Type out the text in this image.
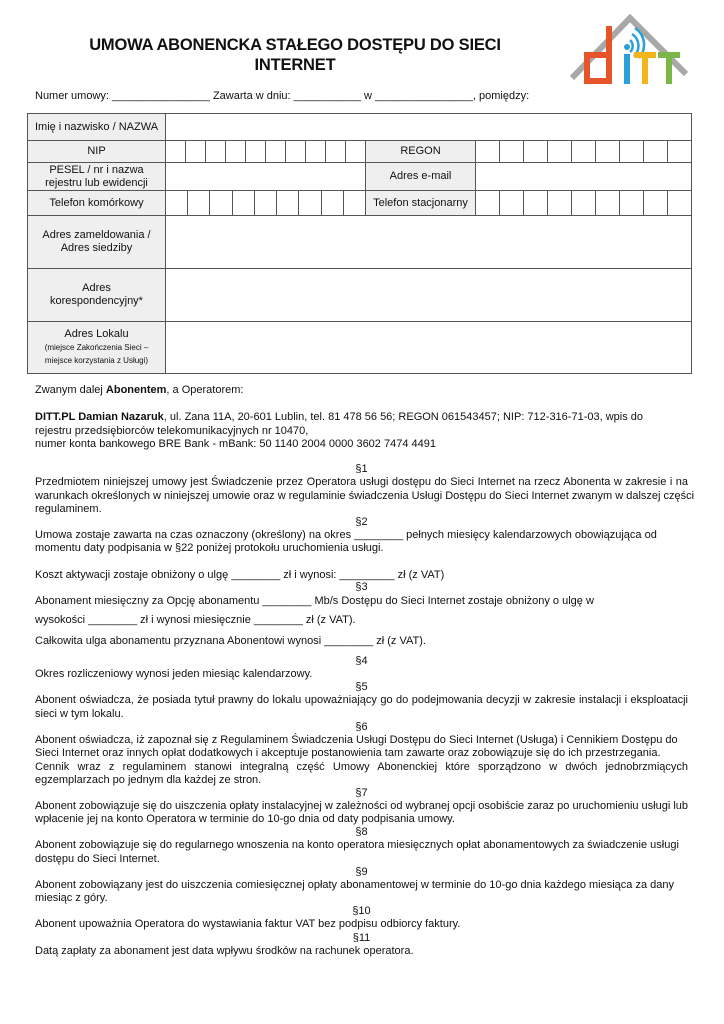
UMOWA ABONENCKA STAŁEGO DOSTĘPU DO SIECI
INTERNET
Numer umowy: ________________ Zawarta w dniu: ___________ w ________________, pomiędzy:
Imię i nazwisko / NAZWA																				
NIP											REGON									
PESEL / nr i nazwa
rejestru lub ewidencji											Adres e-mail									
Telefon komórkowy											Telefon stacjonarny									
Adres zameldowania /
Adres siedziby																				
Adres
korespondencyjny*																				
Adres Lokalu
(miejsce Zakończenia Sieci –
miejsce korzystania z Usługi)																				
Zwanym dalej Abonentem, a Operatorem:
DITT.PL Damian Nazaruk, ul. Zana 11A, 20-601 Lublin, tel. 81 478 56 56; REGON 061543457; NIP: 712-316-71-03, wpis do
rejestru przedsiębiorców telekomunikacyjnych nr 10470,
numer konta bankowego BRE Bank - mBank: 50 1140 2004 0000 3602 7474 4491
§1
Przedmiotem niniejszej umowy jest Świadczenie przez Operatora usługi dostępu do Sieci Internet na rzecz Abonenta w zakresie i na
warunkach określonych w niniejszej umowie oraz w regulaminie świadczenia Usługi Dostępu do Sieci Internet zwanym w dalszej części
regulaminem.
§2
Umowa zostaje zawarta na czas oznaczony (określony) na okres ________ pełnych miesięcy kalendarzowych obowiązująca od
momentu daty podpisania w §22 poniżej protokołu uruchomienia usługi.
Koszt aktywacji zostaje obniżony o ulgę ________ zł i wynosi: _________ zł (z VAT)
§3
Abonament miesięczny za Opcję abonamentu ________ Mb/s Dostępu do Sieci Internet zostaje obniżony o ulgę w
wysokości ________ zł i wynosi miesięcznie ________ zł (z VAT).
Całkowita ulga abonamentu przyznana Abonentowi wynosi ________ zł (z VAT).
§4
Okres rozliczeniowy wynosi jeden miesiąc kalendarzowy.
§5
Abonent oświadcza, że posiada tytuł prawny do lokalu upoważniający go do podejmowania decyzji w zakresie instalacji i eksploatacji
sieci w tym lokalu.
§6
Abonent oświadcza, iż zapoznał się z Regulaminem Świadczenia Usługi Dostępu do Sieci Internet (Usługa) i Cennikiem Dostępu do
Sieci Internet oraz innych opłat dodatkowych i akceptuje postanowienia tam zawarte oraz zobowiązuje się do ich przestrzegania.
Cennik wraz z regulaminem stanowi integralną część Umowy Abonenckiej które sporządzono w dwóch jednobrzmiących
egzemplarzach po jednym dla każdej ze stron.
§7
Abonent zobowiązuje się do uiszczenia opłaty instalacyjnej w zależności od wybranej opcji osobiście zaraz po uruchomieniu usługi lub
wpłacenie jej na konto Operatora w terminie do 10-go dnia od daty podpisania umowy.
§8
Abonent zobowiązuje się do regularnego wnoszenia na konto operatora miesięcznych opłat abonamentowych za świadczenie usługi
dostępu do Sieci Internet.
§9
Abonent zobowiązany jest do uiszczenia comiesięcznej opłaty abonamentowej w terminie do 10-go dnia każdego miesiąca za dany
miesiąc z góry.
§10
Abonent upoważnia Operatora do wystawiania faktur VAT bez podpisu odbiorcy faktury.
§11
Datą zapłaty za abonament jest data wpływu środków na rachunek operatora.
